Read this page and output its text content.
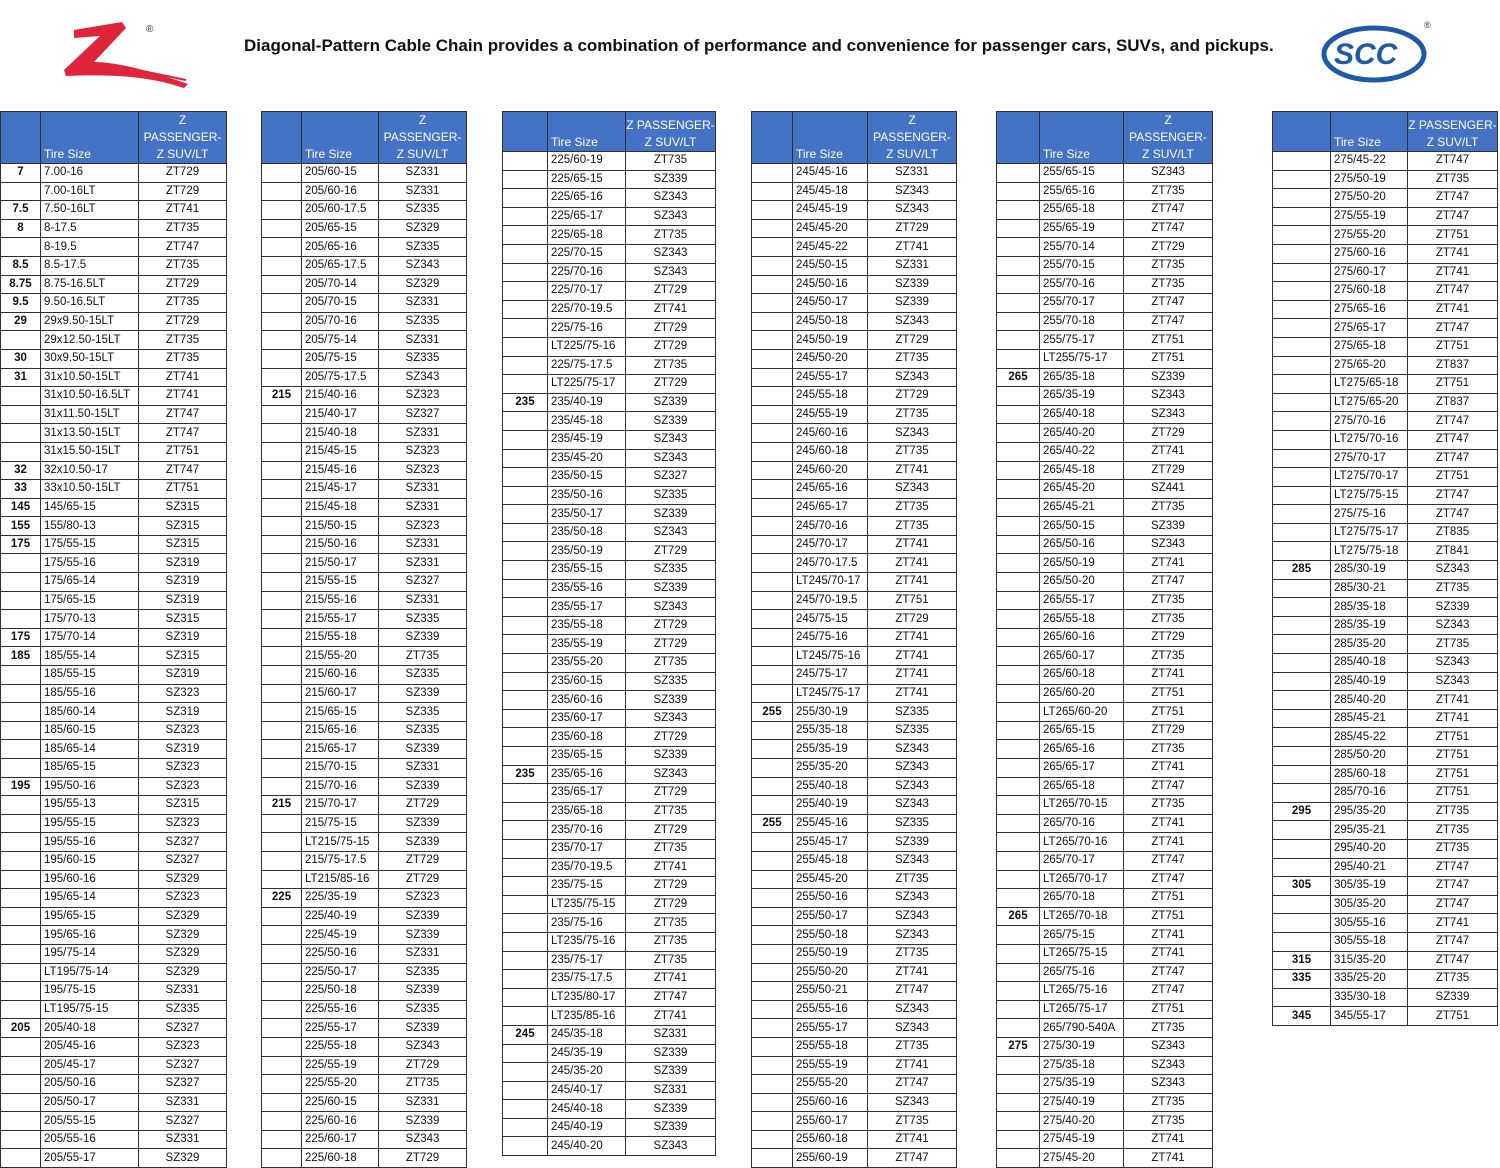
®
Diagonal-Pattern Cable Chain provides a combination of performance and convenience for passenger cars, SUVs, and pickups. SCC
®
	Tire Size	Z PASSENGER-
Z SUV/LT

7	7.00-16	ZT729
	7.00-16LT	ZT729
7.5	7.50-16LT	ZT741
8	8-17.5	ZT735
	8-19.5	ZT747
8.5	8.5-17.5	ZT735
8.75	8.75-16.5LT	ZT729
9.5	9.50-16.5LT	ZT735
29	29x9.50-15LT	ZT729
	29x12.50-15LT	ZT735
30	30x9.50-15LT	ZT735
31	31x10.50-15LT	ZT741
	31x10.50-16.5LT	ZT741
	31x11.50-15LT	ZT747
	31x13.50-15LT	ZT747
	31x15.50-15LT	ZT751
32	32x10.50-17	ZT747
33	33x10.50-15LT	ZT751
145	145/65-15	SZ315
155	155/80-13	SZ315
175	175/55-15	SZ315
	175/55-16	SZ319
	175/65-14	SZ319
	175/65-15	SZ319
	175/70-13	SZ315
175	175/70-14	SZ319
185	185/55-14	SZ315
	185/55-15	SZ319
	185/55-16	SZ323
	185/60-14	SZ319
	185/60-15	SZ323
	185/65-14	SZ319
	185/65-15	SZ323
195	195/50-16	SZ323
	195/55-13	SZ315
	195/55-15	SZ323
	195/55-16	SZ327
	195/60-15	SZ327
	195/60-16	SZ329
	195/65-14	SZ323
	195/65-15	SZ329
	195/65-16	SZ329
	195/75-14	SZ329
	LT195/75-14	SZ329
	195/75-15	SZ331
	LT195/75-15	SZ335
205	205/40-18	SZ327
	205/45-16	SZ323
	205/45-17	SZ327
	205/50-16	SZ327
	205/50-17	SZ331
	205/55-15	SZ327
	205/55-16	SZ331
	205/55-17	SZ329
	Tire Size	Z PASSENGER-
Z SUV/LT

	205/60-15	SZ331
	205/60-16	SZ331
	205/60-17.5	SZ335
	205/65-15	SZ329
	205/65-16	SZ335
	205/65-17.5	SZ343
	205/70-14	SZ329
	205/70-15	SZ331
	205/70-16	SZ335
	205/75-14	SZ331
	205/75-15	SZ335
	205/75-17.5	SZ343
215	215/40-16	SZ323
	215/40-17	SZ327
	215/40-18	SZ331
	215/45-15	SZ323
	215/45-16	SZ323
	215/45-17	SZ331
	215/45-18	SZ331
	215/50-15	SZ323
	215/50-16	SZ331
	215/50-17	SZ331
	215/55-15	SZ327
	215/55-16	SZ331
	215/55-17	SZ335
	215/55-18	SZ339
	215/55-20	ZT735
	215/60-16	SZ335
	215/60-17	SZ339
	215/65-15	SZ335
	215/65-16	SZ335
	215/65-17	SZ339
	215/70-15	SZ331
	215/70-16	SZ339
215	215/70-17	ZT729
	215/75-15	SZ339
	LT215/75-15	SZ339
	215/75-17.5	ZT729
	LT215/85-16	ZT729
225	225/35-19	SZ323
	225/40-19	SZ339
	225/45-19	SZ339
	225/50-16	SZ331
	225/50-17	SZ335
	225/50-18	SZ339
	225/55-16	SZ335
	225/55-17	SZ339
	225/55-18	SZ343
	225/55-19	ZT729
	225/55-20	ZT735
	225/60-15	SZ331
	225/60-16	SZ339
	225/60-17	SZ343
	225/60-18	ZT729
	Tire Size	Z PASSENGER-
Z SUV/LT

	225/60-19	ZT735
	225/65-15	SZ339
	225/65-16	SZ343
	225/65-17	SZ343
	225/65-18	ZT735
	225/70-15	SZ343
	225/70-16	SZ343
	225/70-17	ZT729
	225/70-19.5	ZT741
	225/75-16	ZT729
	LT225/75-16	ZT729
	225/75-17.5	ZT735
	LT225/75-17	ZT729
235	235/40-19	SZ339
	235/45-18	SZ339
	235/45-19	SZ343
	235/45-20	SZ343
	235/50-15	SZ327
	235/50-16	SZ335
	235/50-17	SZ339
	235/50-18	SZ343
	235/50-19	ZT729
	235/55-15	SZ335
	235/55-16	SZ339
	235/55-17	SZ343
	235/55-18	ZT729
	235/55-19	ZT729
	235/55-20	ZT735
	235/60-15	SZ335
	235/60-16	SZ339
	235/60-17	SZ343
	235/60-18	ZT729
	235/65-15	SZ339
235	235/65-16	SZ343
	235/65-17	ZT729
	235/65-18	ZT735
	235/70-16	ZT729
	235/70-17	ZT735
	235/70-19.5	ZT741
	235/75-15	ZT729
	LT235/75-15	ZT729
	235/75-16	ZT735
	LT235/75-16	ZT735
	235/75-17	ZT735
	235/75-17.5	ZT741
	LT235/80-17	ZT747
	LT235/85-16	ZT741
245	245/35-18	SZ331
	245/35-19	SZ339
	245/35-20	SZ339
	245/40-17	SZ331
	245/40-18	SZ339
	245/40-19	SZ339
	245/40-20	SZ343
	Tire Size	Z PASSENGER-
Z SUV/LT

	245/45-16	SZ331
	245/45-18	SZ343
	245/45-19	SZ343
	245/45-20	ZT729
	245/45-22	ZT741
	245/50-15	SZ331
	245/50-16	SZ339
	245/50-17	SZ339
	245/50-18	SZ343
	245/50-19	ZT729
	245/50-20	ZT735
	245/55-17	SZ343
	245/55-18	ZT729
	245/55-19	ZT735
	245/60-16	SZ343
	245/60-18	ZT735
	245/60-20	ZT741
	245/65-16	SZ343
	245/65-17	ZT735
	245/70-16	ZT735
	245/70-17	ZT741
	245/70-17.5	ZT741
	LT245/70-17	ZT741
	245/70-19.5	ZT751
	245/75-15	ZT729
	245/75-16	ZT741
	LT245/75-16	ZT741
	245/75-17	ZT741
	LT245/75-17	ZT741
255	255/30-19	SZ335
	255/35-18	SZ335
	255/35-19	SZ343
	255/35-20	SZ343
	255/40-18	SZ343
	255/40-19	SZ343
255	255/45-16	SZ335
	255/45-17	SZ339
	255/45-18	SZ343
	255/45-20	ZT735
	255/50-16	SZ343
	255/50-17	SZ343
	255/50-18	SZ343
	255/50-19	ZT735
	255/50-20	ZT741
	255/50-21	ZT747
	255/55-16	SZ343
	255/55-17	SZ343
	255/55-18	ZT735
	255/55-19	ZT741
	255/55-20	ZT747
	255/60-16	SZ343
	255/60-17	ZT735
	255/60-18	ZT741
	255/60-19	ZT747
	Tire Size	Z PASSENGER-
Z SUV/LT

	255/65-15	SZ343
	255/65-16	ZT735
	255/65-18	ZT747
	255/65-19	ZT747
	255/70-14	ZT729
	255/70-15	ZT735
	255/70-16	ZT735
	255/70-17	ZT747
	255/70-18	ZT747
	255/75-17	ZT751
	LT255/75-17	ZT751
265	265/35-18	SZ339
	265/35-19	SZ343
	265/40-18	SZ343
	265/40-20	ZT729
	265/40-22	ZT741
	265/45-18	ZT729
	265/45-20	SZ441
	265/45-21	ZT735
	265/50-15	SZ339
	265/50-16	SZ343
	265/50-19	ZT741
	265/50-20	ZT747
	265/55-17	ZT735
	265/55-18	ZT735
	265/60-16	ZT729
	265/60-17	ZT735
	265/60-18	ZT741
	265/60-20	ZT751
	LT265/60-20	ZT751
	265/65-15	ZT729
	265/65-16	ZT735
	265/65-17	ZT741
	265/65-18	ZT747
	LT265/70-15	ZT735
	265/70-16	ZT741
	LT265/70-16	ZT741
	265/70-17	ZT747
	LT265/70-17	ZT747
	265/70-18	ZT751
265	LT265/70-18	ZT751
	265/75-15	ZT741
	LT265/75-15	ZT741
	265/75-16	ZT747
	LT265/75-16	ZT747
	LT265/75-17	ZT751
	265/790-540A	ZT735
275	275/30-19	SZ343
	275/35-18	SZ343
	275/35-19	SZ343
	275/40-19	ZT735
	275/40-20	ZT735
	275/45-19	ZT741
	275/45-20	ZT741
	Tire Size	Z PASSENGER-
Z SUV/LT

	275/45-22	ZT747
	275/50-19	ZT735
	275/50-20	ZT747
	275/55-19	ZT747
	275/55-20	ZT751
	275/60-16	ZT741
	275/60-17	ZT741
	275/60-18	ZT747
	275/65-16	ZT741
	275/65-17	ZT747
	275/65-18	ZT751
	275/65-20	ZT837
	LT275/65-18	ZT751
	LT275/65-20	ZT837
	275/70-16	ZT747
	LT275/70-16	ZT747
	275/70-17	ZT747
	LT275/70-17	ZT751
	LT275/75-15	ZT747
	275/75-16	ZT747
	LT275/75-17	ZT835
	LT275/75-18	ZT841
285	285/30-19	SZ343
	285/30-21	ZT735
	285/35-18	SZ339
	285/35-19	SZ343
	285/35-20	ZT735
	285/40-18	SZ343
	285/40-19	SZ343
	285/40-20	ZT741
	285/45-21	ZT741
	285/45-22	ZT751
	285/50-20	ZT751
	285/60-18	ZT751
	285/70-16	ZT751
295	295/35-20	ZT735
	295/35-21	ZT735
	295/40-20	ZT735
	295/40-21	ZT747
305	305/35-19	ZT747
	305/35-20	ZT747
	305/55-16	ZT741
	305/55-18	ZT747
315	315/35-20	ZT747
335	335/25-20	ZT735
	335/30-18	SZ339
345	345/55-17	ZT751
